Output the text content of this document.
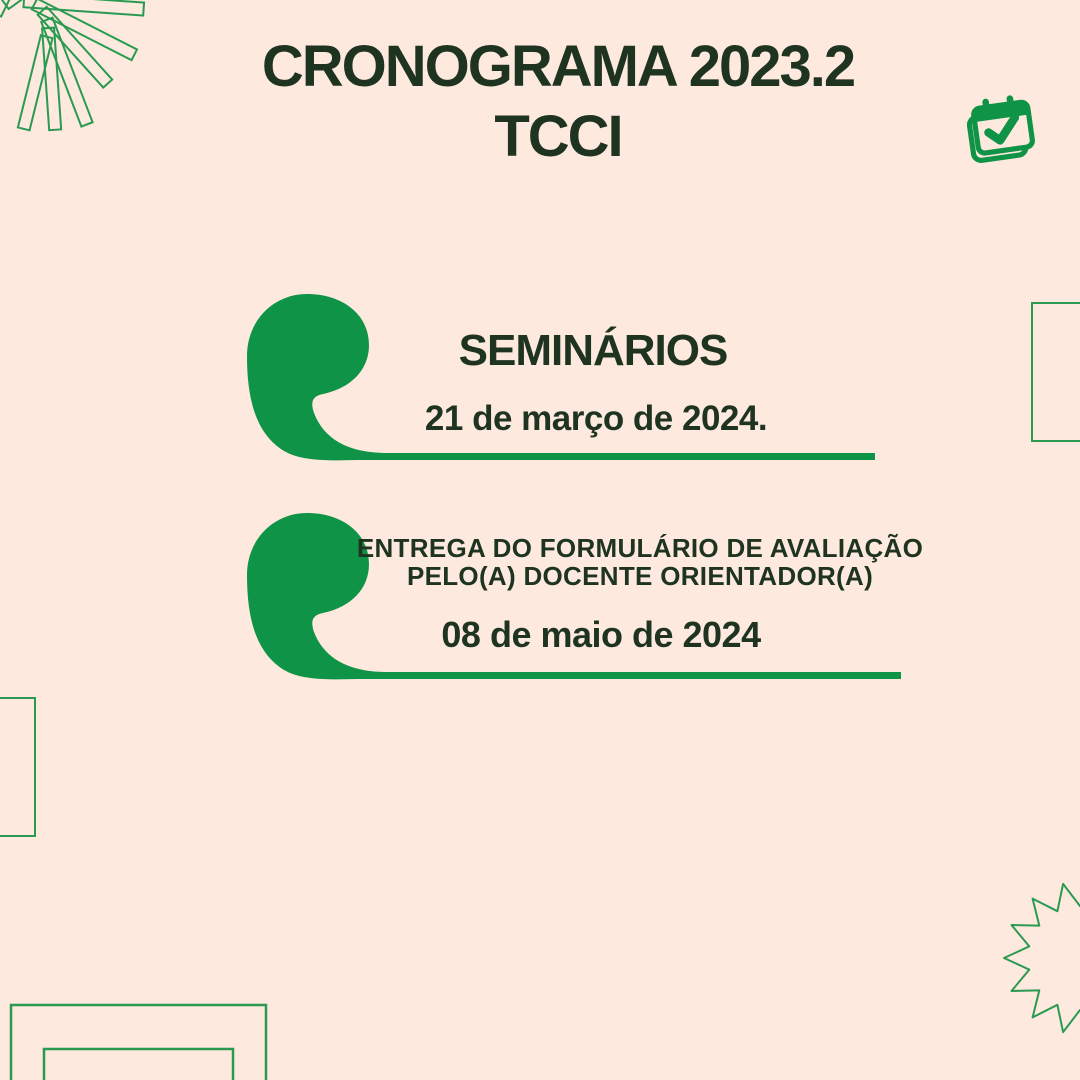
CRONOGRAMA 2023.2
TCCI
SEMINÁRIOS
21 de março de 2024.
ENTREGA DO FORMULÁRIO DE AVALIAÇÃO
PELO(A) DOCENTE ORIENTADOR(A)
08 de maio de 2024
